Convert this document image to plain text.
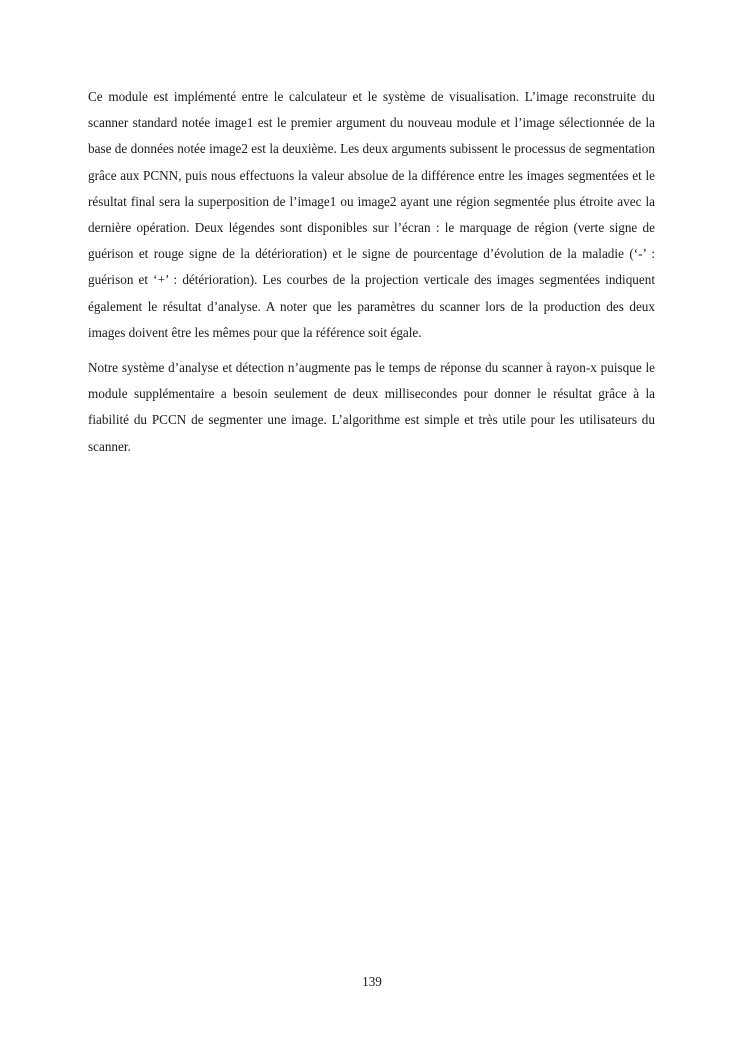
Ce module est implémenté entre le calculateur et le système de visualisation. L’image reconstruite du scanner standard notée image1 est le premier argument du nouveau module et l’image sélectionnée de la base de données notée image2 est la deuxième. Les deux arguments subissent le processus de segmentation grâce aux PCNN, puis nous effectuons la valeur absolue de la différence entre les images segmentées et le résultat final sera la superposition de l’image1 ou image2 ayant une région segmentée plus étroite avec la dernière opération. Deux légendes sont disponibles sur l’écran : le marquage de région (verte signe de guérison et rouge signe de la détérioration) et le signe de pourcentage d’évolution de la maladie (‘-’ : guérison et ‘+’ : détérioration). Les courbes de la projection verticale des images segmentées indiquent également le résultat d’analyse. A noter que les paramètres du scanner lors de la production des deux images doivent être les mêmes pour que la référence soit égale.

Notre système d’analyse et détection n’augmente pas le temps de réponse du scanner à rayon-x puisque le module supplémentaire a besoin seulement de deux millisecondes pour donner le résultat grâce à la fiabilité du PCCN de segmenter une image. L’algorithme est simple et très utile pour les utilisateurs du scanner.

139
